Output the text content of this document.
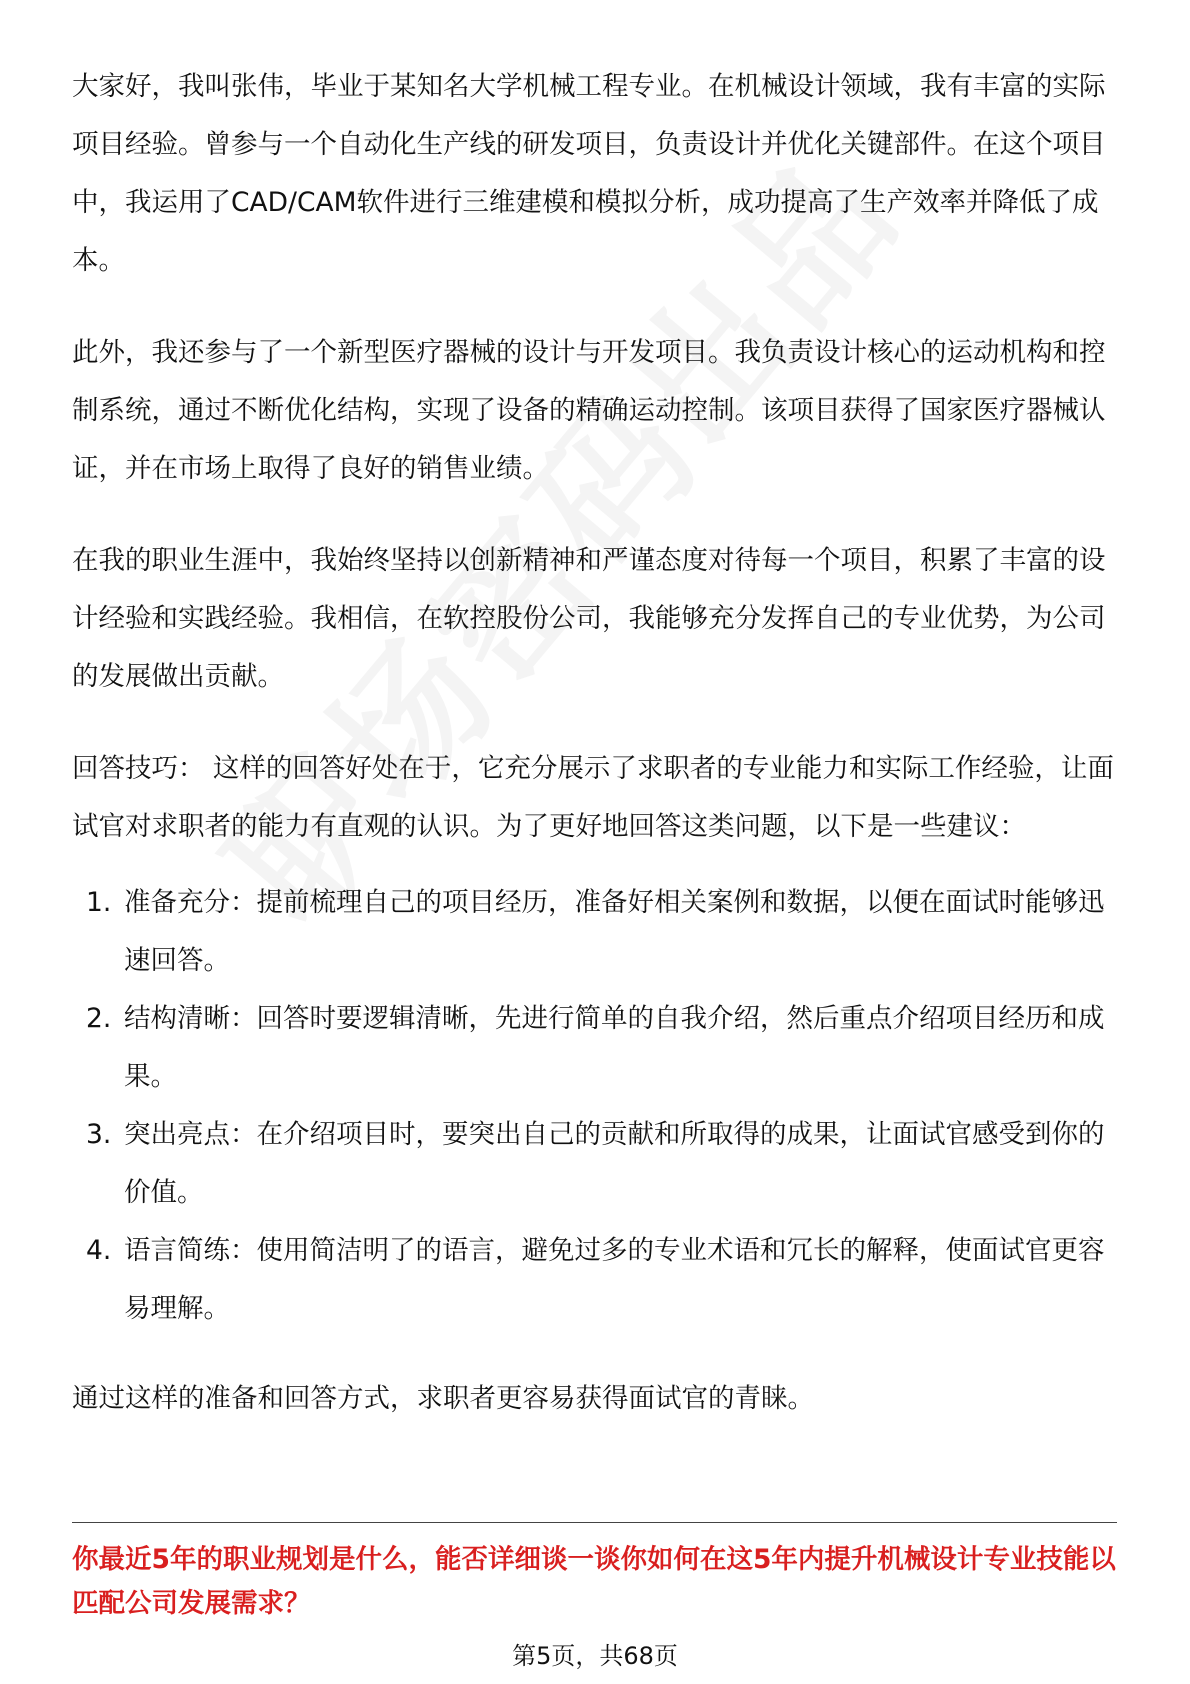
大家好，我叫张伟，毕业于某知名大学机械工程专业。在机械设计领域，我有丰富的实际项目经验。曾参与一个自动化生产线的研发项目，负责设计并优化关键部件。在这个项目中，我运用了CAD/CAM软件进行三维建模和模拟分析，成功提高了生产效率并降低了成本。

此外，我还参与了一个新型医疗器械的设计与开发项目。我负责设计核心的运动机构和控制系统，通过不断优化结构，实现了设备的精确运动控制。该项目获得了国家医疗器械认证，并在市场上取得了良好的销售业绩。

在我的职业生涯中，我始终坚持以创新精神和严谨态度对待每一个项目，积累了丰富的设计经验和实践经验。我相信，在软控股份公司，我能够充分发挥自己的专业优势，为公司的发展做出贡献。

回答技巧： 这样的回答好处在于，它充分展示了求职者的专业能力和实际工作经验，让面试官对求职者的能力有直观的认识。为了更好地回答这类问题，以下是一些建议：

1. 准备充分：提前梳理自己的项目经历，准备好相关案例和数据，以便在面试时能够迅速回答。
2. 结构清晰：回答时要逻辑清晰，先进行简单的自我介绍，然后重点介绍项目经历和成果。
3. 突出亮点：在介绍项目时，要突出自己的贡献和所取得的成果，让面试官感受到你的价值。
4. 语言简练：使用简洁明了的语言，避免过多的专业术语和冗长的解释，使面试官更容易理解。

通过这样的准备和回答方式，求职者更容易获得面试官的青睐。

你最近5年的职业规划是什么，能否详细谈一谈你如何在这5年内提升机械设计专业技能以匹配公司发展需求？
第5页，共68页
